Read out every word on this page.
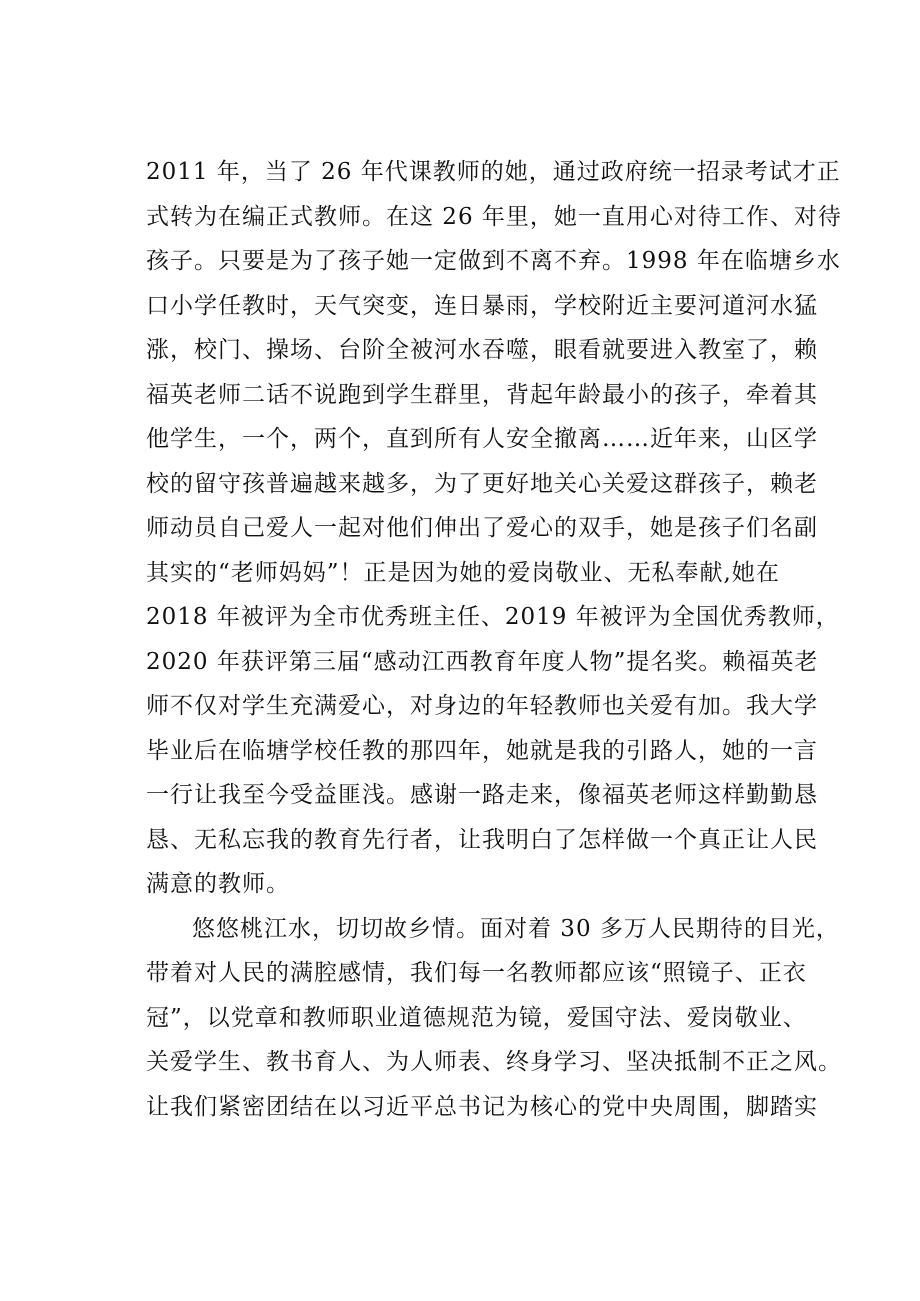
2011 年，当了 26 年代课教师的她，通过政府统一招录考试才正
式转为在编正式教师。在这 26 年里，她一直用心对待工作、对待
孩子。只要是为了孩子她一定做到不离不弃。1998 年在临塘乡水
口小学任教时，天气突变，连日暴雨，学校附近主要河道河水猛
涨，校门、操场、台阶全被河水吞噬，眼看就要进入教室了，赖
福英老师二话不说跑到学生群里，背起年龄最小的孩子，牵着其
他学生，一个，两个，直到所有人安全撤离……近年来，山区学
校的留守孩普遍越来越多，为了更好地关心关爱这群孩子，赖老
师动员自己爱人一起对他们伸出了爱心的双手，她是孩子们名副
其实的“老师妈妈”！正是因为她的爱岗敬业、无私奉献,她在
2018 年被评为全市优秀班主任、2019 年被评为全国优秀教师，
2020 年获评第三届“感动江西教育年度人物”提名奖。赖福英老
师不仅对学生充满爱心，对身边的年轻教师也关爱有加。我大学
毕业后在临塘学校任教的那四年，她就是我的引路人，她的一言
一行让我至今受益匪浅。感谢一路走来，像福英老师这样勤勤恳
恳、无私忘我的教育先行者，让我明白了怎样做一个真正让人民
满意的教师。
悠悠桃江水，切切故乡情。面对着 30 多万人民期待的目光，
带着对人民的满腔感情，我们每一名教师都应该“照镜子、正衣
冠”，以党章和教师职业道德规范为镜，爱国守法、爱岗敬业、
关爱学生、教书育人、为人师表、终身学习、坚决抵制不正之风。
让我们紧密团结在以习近平总书记为核心的党中央周围，脚踏实
